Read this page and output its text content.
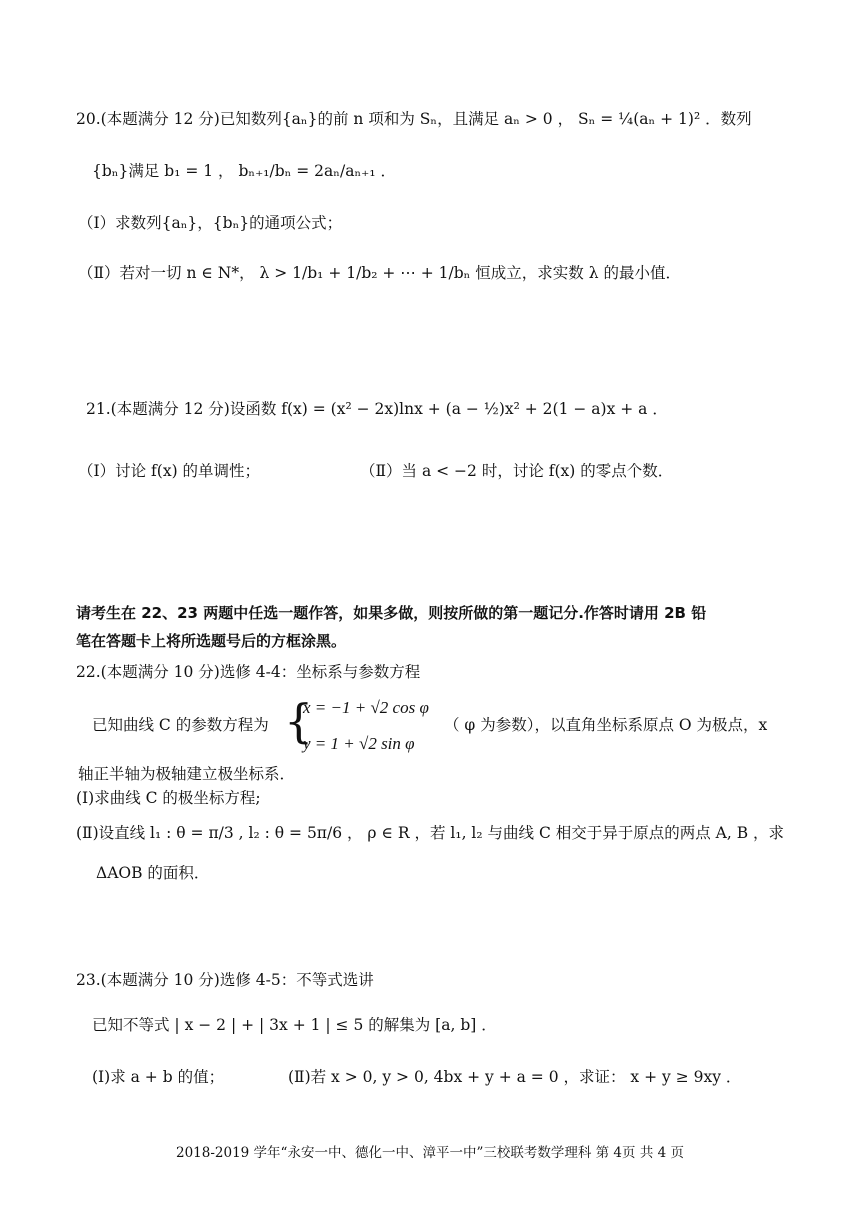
20.(本题满分 12 分)已知数列{aₙ}的前 n 项和为 Sₙ，且满足 aₙ > 0 ， Sₙ = ¼(aₙ + 1)² ．数列
{bₙ}满足 b₁ = 1 ， bₙ₊₁/bₙ = 2aₙ/aₙ₊₁ ．
（Ⅰ）求数列{aₙ}，{bₙ}的通项公式；
（Ⅱ）若对一切 n ∈ N*， λ > 1/b₁ + 1/b₂ + ⋯ + 1/bₙ 恒成立，求实数 λ 的最小值．
21.(本题满分 12 分)设函数 f(x) = (x² − 2x)lnx + (a − ½)x² + 2(1 − a)x + a ．
（Ⅰ）讨论 f(x) 的单调性；	（Ⅱ）当 a < −2 时，讨论 f(x) 的零点个数．
请考生在 22、23 两题中任选一题作答，如果多做，则按所做的第一题记分.作答时请用 2B 铅
笔在答题卡上将所选题号后的方框涂黑。
22.(本题满分 10 分)选修 4-4：坐标系与参数方程
已知曲线 C 的参数方程为 {
x = −1 + √2 cos φ
y = 1 + √2 sin φ
（ φ 为参数），以直角坐标系原点 O 为极点，x
轴正半轴为极轴建立极坐标系．
(Ⅰ)求曲线 C 的极坐标方程;
(Ⅱ)设直线 l₁ : θ = π/3 , l₂ : θ = 5π/6 ， ρ ∈ R ，若 l₁, l₂ 与曲线 C 相交于异于原点的两点 A, B ，求
ΔAOB 的面积．
23.(本题满分 10 分)选修 4-5：不等式选讲
已知不等式 | x − 2 | + | 3x + 1 | ≤ 5 的解集为 [a, b] ．
(Ⅰ)求 a + b 的值；	(Ⅱ)若 x > 0, y > 0, 4bx + y + a = 0 ，求证： x + y ≥ 9xy ．
2018-2019 学年“永安一中、德化一中、漳平一中”三校联考数学理科 第 4页 共 4 页
